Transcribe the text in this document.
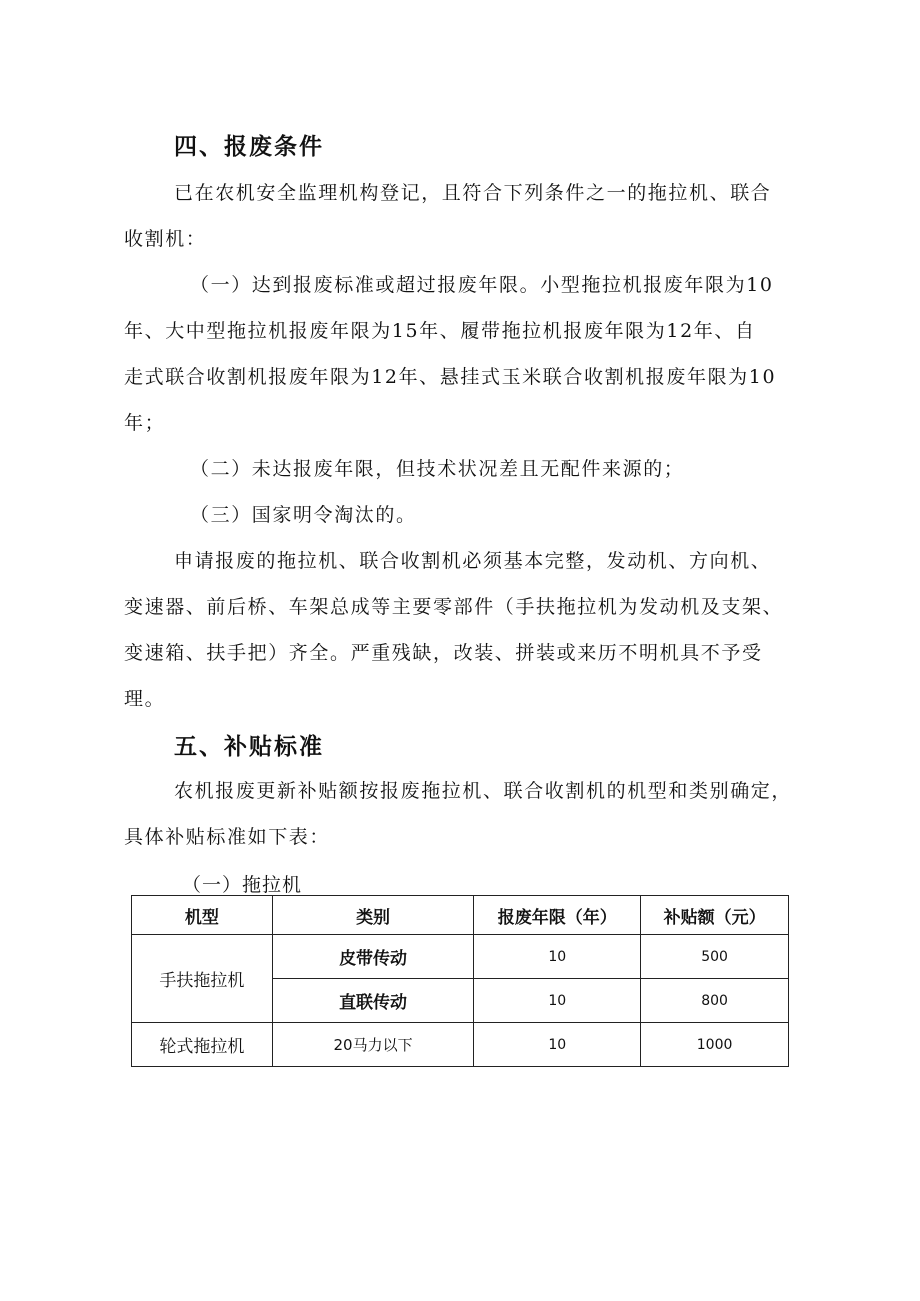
四、报废条件
已在农机安全监理机构登记，且符合下列条件之一的拖拉机、联合
收割机：
（一）达到报废标准或超过报废年限。小型拖拉机报废年限为10
年、大中型拖拉机报废年限为15年、履带拖拉机报废年限为12年、自
走式联合收割机报废年限为12年、悬挂式玉米联合收割机报废年限为10
年；
（二）未达报废年限，但技术状况差且无配件来源的；
（三）国家明令淘汰的。
申请报废的拖拉机、联合收割机必须基本完整，发动机、方向机、
变速器、前后桥、车架总成等主要零部件（手扶拖拉机为发动机及支架、
变速箱、扶手把）齐全。严重残缺，改装、拼装或来历不明机具不予受
理。
五、补贴标准
农机报废更新补贴额按报废拖拉机、联合收割机的机型和类别确定，
具体补贴标准如下表：
（一）拖拉机
机型	类别	报废年限（年）	补贴额（元）
手扶拖拉机	皮带传动	10	500
	直联传动	10	800
轮式拖拉机	20马力以下	10	1000
